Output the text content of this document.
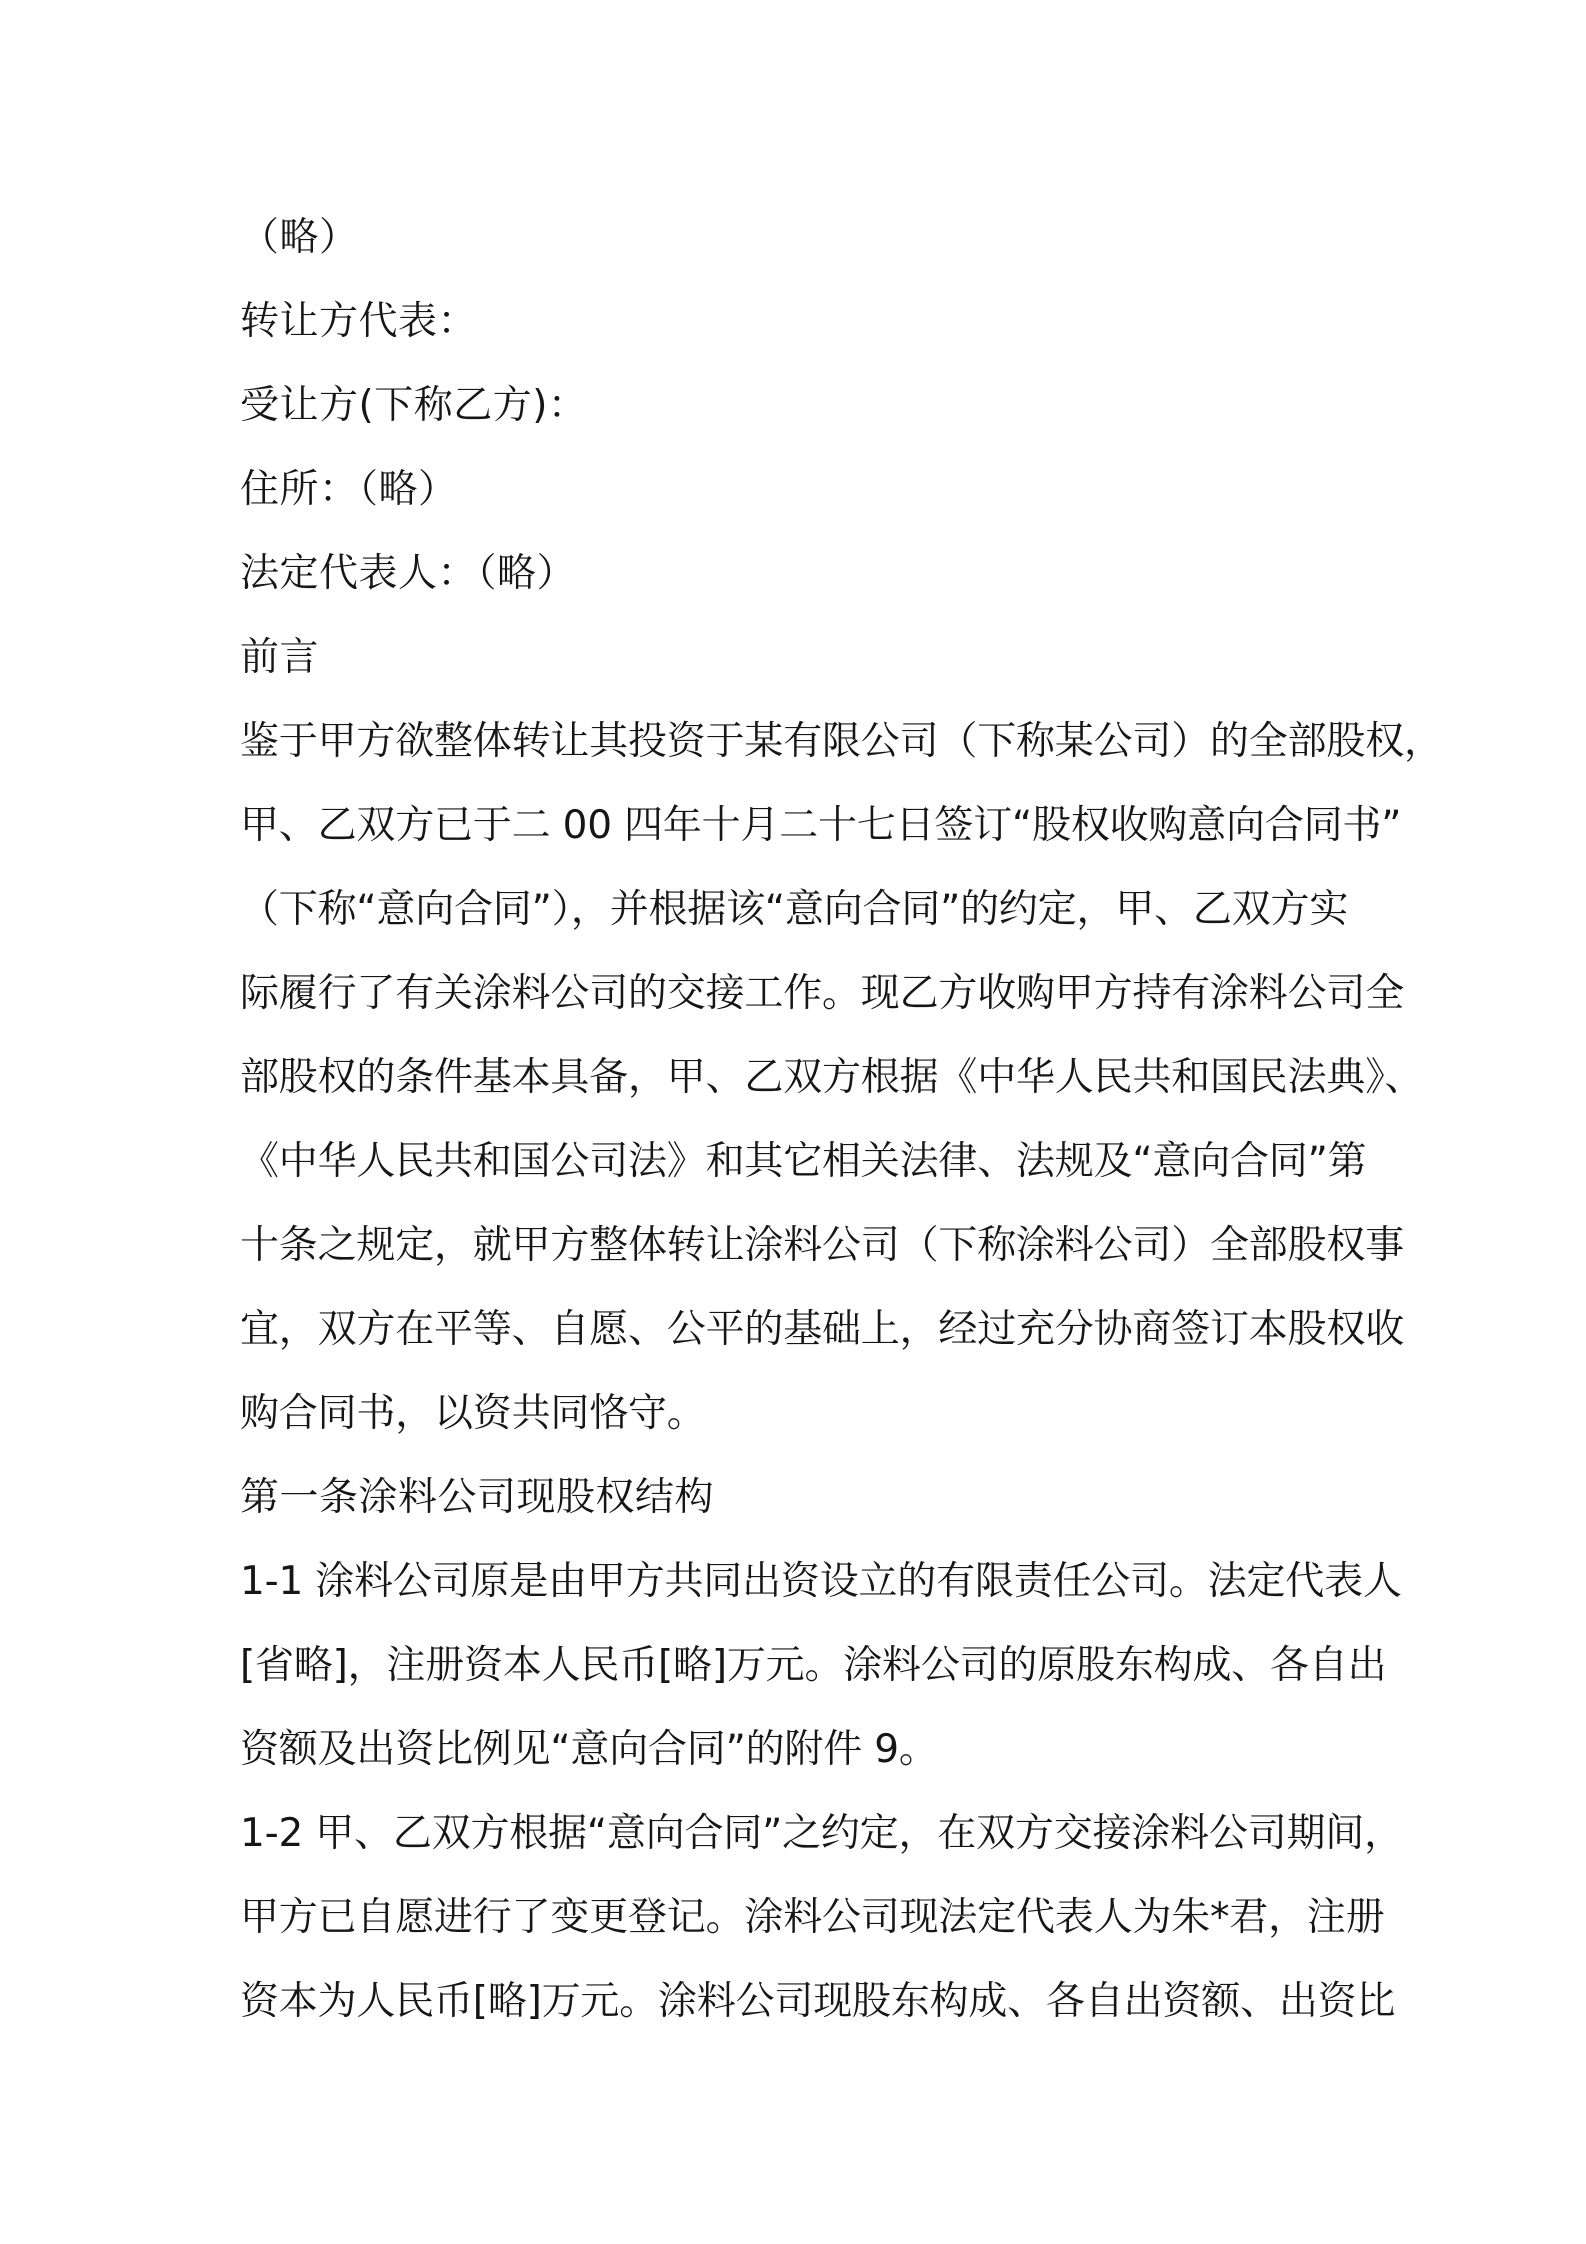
（略）
转让方代表：
受让方(下称乙方)：
住所：（略）
法定代表人：（略）
前言
鉴于甲方欲整体转让其投资于某有限公司（下称某公司）的全部股权，
甲、乙双方已于二 00 四年十月二十七日签订“股权收购意向合同书”
（下称“意向合同”），并根据该“意向合同”的约定，甲、乙双方实
际履行了有关涂料公司的交接工作。现乙方收购甲方持有涂料公司全
部股权的条件基本具备，甲、乙双方根据《中华人民共和国民法典》、
《中华人民共和国公司法》和其它相关法律、法规及“意向合同”第
十条之规定，就甲方整体转让涂料公司（下称涂料公司）全部股权事
宜，双方在平等、自愿、公平的基础上，经过充分协商签订本股权收
购合同书，以资共同恪守。
第一条涂料公司现股权结构
1-1 涂料公司原是由甲方共同出资设立的有限责任公司。法定代表人
[省略]，注册资本人民币[略]万元。涂料公司的原股东构成、各自出
资额及出资比例见“意向合同”的附件 9。
1-2 甲、乙双方根据“意向合同”之约定，在双方交接涂料公司期间，
甲方已自愿进行了变更登记。涂料公司现法定代表人为朱*君，注册
资本为人民币[略]万元。涂料公司现股东构成、各自出资额、出资比
